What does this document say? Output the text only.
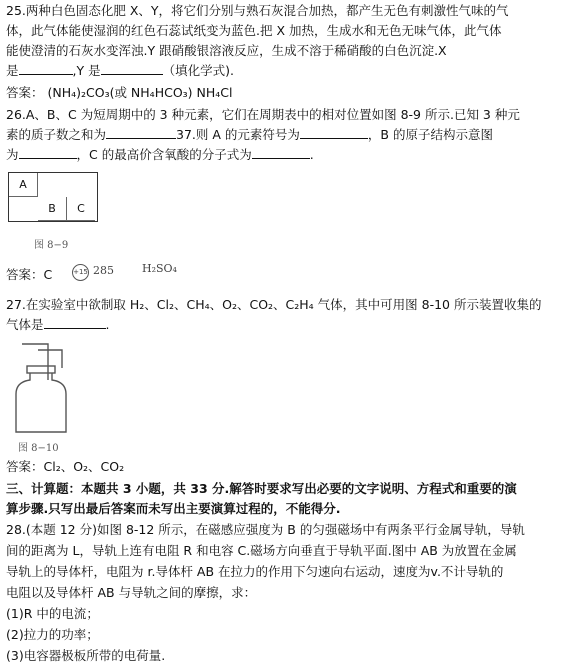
25.两种白色固态化肥 X、Y，将它们分别与熟石灰混合加热，都产生无色有刺激性气味的气
体，此气体能使湿润的红色石蕊试纸变为蓝色.把 X 加热，生成水和无色无味气体，此气体
能使澄清的石灰水变浑浊.Y 跟硝酸银溶液反应，生成不溶于稀硝酸的白色沉淀.X
是	,Y 是	（填化学式).
答案： (NH₄)₂CO₃(或 NH₄HCO₃) NH₄Cl
26.A、B、C 为短周期中的 3 种元素，它们在周期表中的相对位置如图 8-9 所示.已知 3 种元
素的质子数之和为	37.则 A 的元素符号为	，B 的原子结构示意图
为	，C 的最高价含氧酸的分子式为	.
A
B	C
图 8−9
答案：C	+15 285	H₂SO₄
27.在实验室中欲制取 H₂、Cl₂、CH₄、O₂、CO₂、C₂H₄ 气体，其中可用图 8-10 所示装置收集的
气体是	.
图 8−10
答案：Cl₂、O₂、CO₂
三、计算题：本题共 3 小题，共 33 分.解答时要求写出必要的文字说明、方程式和重要的演
算步骤.只写出最后答案而未写出主要演算过程的，不能得分.
28.(本题 12 分)如图 8-12 所示，在磁感应强度为 B 的匀强磁场中有两条平行金属导轨，导轨
间的距离为 L，导轨上连有电阻 R 和电容 C.磁场方向垂直于导轨平面.图中 AB 为放置在金属
导轨上的导体杆，电阻为 r.导体杆 AB 在拉力的作用下匀速向右运动，速度为v.不计导轨的
电阻以及导体杆 AB 与导轨之间的摩擦，求：
(1)R 中的电流；
(2)拉力的功率；
(3)电容器极板所带的电荷量.
